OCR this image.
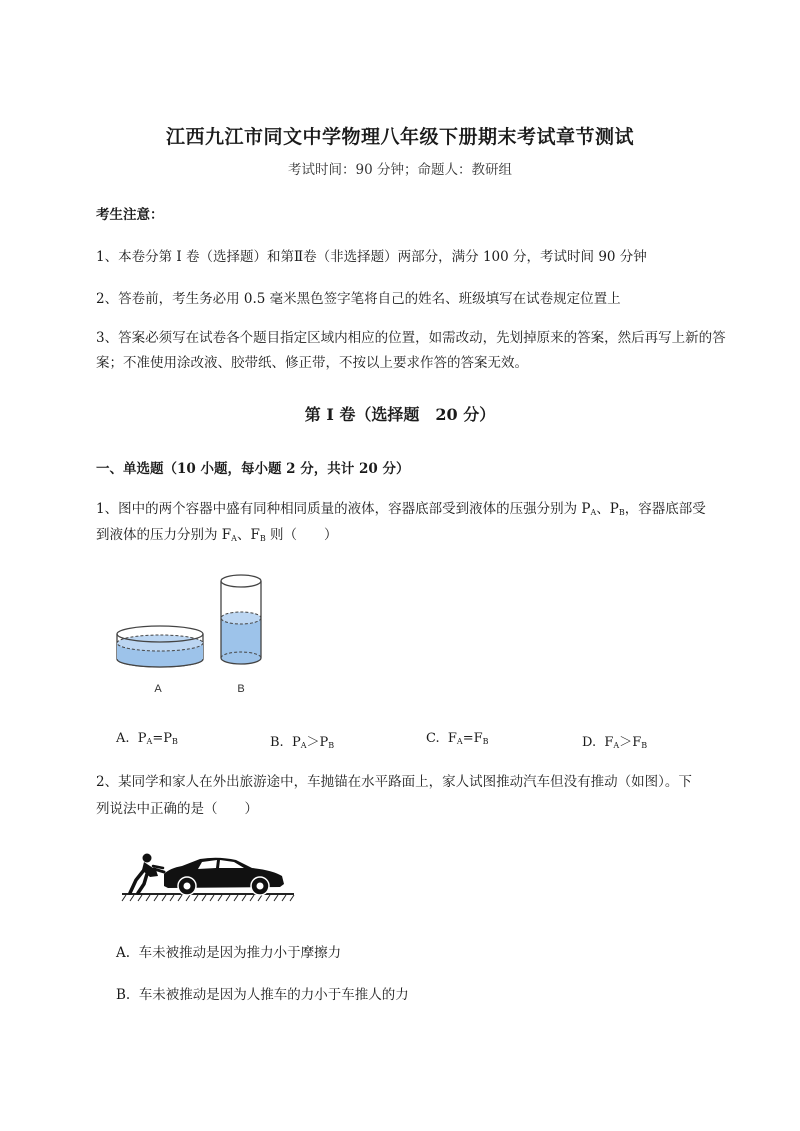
江西九江市同文中学物理八年级下册期末考试章节测试
考试时间：90 分钟；命题人：教研组
考生注意：
1、本卷分第 I 卷（选择题）和第Ⅱ卷（非选择题）两部分，满分 100 分，考试时间 90 分钟
2、答卷前，考生务必用 0.5 毫米黑色签字笔将自己的姓名、班级填写在试卷规定位置上
3、答案必须写在试卷各个题目指定区域内相应的位置，如需改动，先划掉原来的答案，然后再写上新的答案；不准使用涂改液、胶带纸、修正带，不按以上要求作答的答案无效。
第 I 卷（选择题　20 分）
一、单选题（10 小题，每小题 2 分，共计 20 分）
1、图中的两个容器中盛有同种相同质量的液体，容器底部受到液体的压强分别为 $P_A$、$P_B$，容器底部受
到液体的压力分别为 $F_A$、$F_B$ 则（　　）
A	B
A. $P_A=P_B$	B. $P_A>P_B$	C. $F_A=F_B$	D. $F_A>F_B$
2、某同学和家人在外出旅游途中，车抛锚在水平路面上，家人试图推动汽车但没有推动（如图）。下
列说法中正确的是（　　）
A. 车未被推动是因为推力小于摩擦力
B. 车未被推动是因为人推车的力小于车推人的力
